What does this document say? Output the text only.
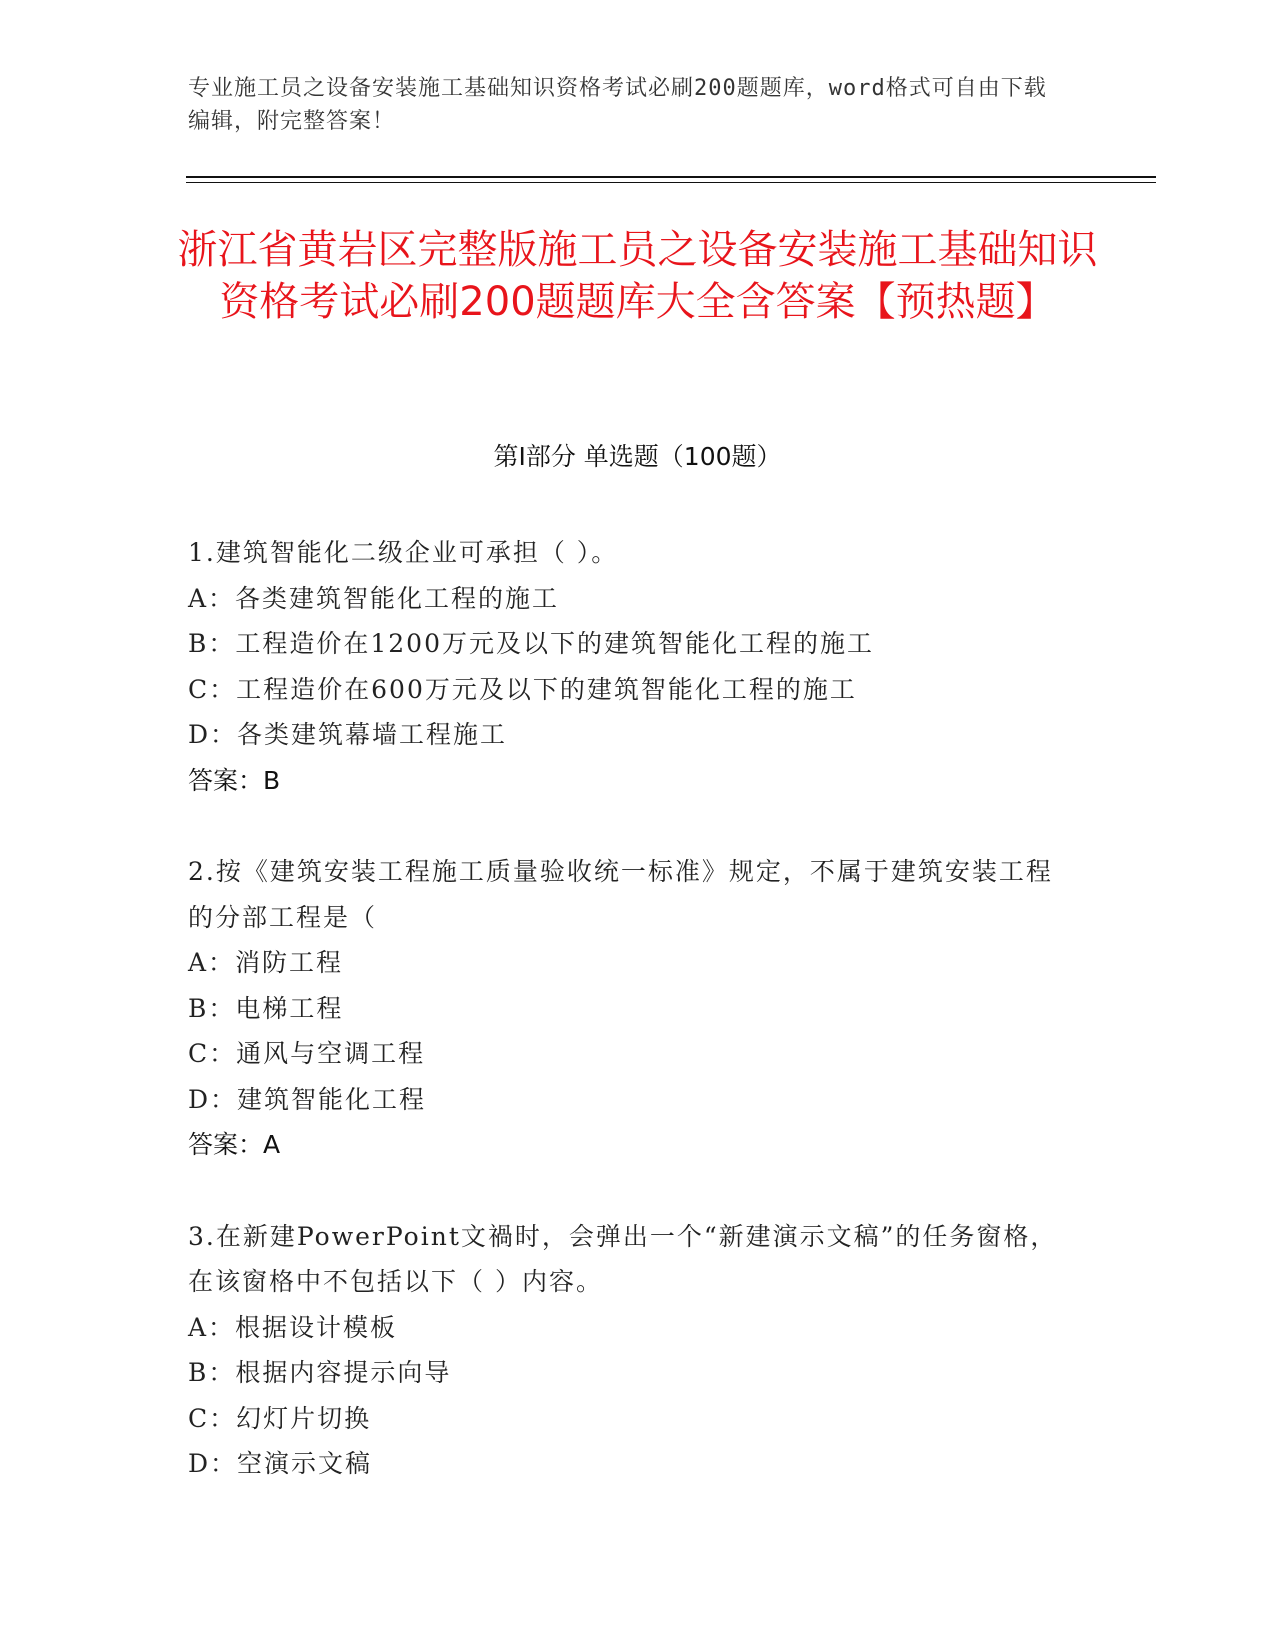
专业施工员之设备安装施工基础知识资格考试必刷200题题库，word格式可自由下载编辑，附完整答案！
浙江省黄岩区完整版施工员之设备安装施工基础知识资格考试必刷200题题库大全含答案【预热题】
第I部分 单选题（100题）
1.建筑智能化二级企业可承担（ ）。
A：各类建筑智能化工程的施工
B：工程造价在1200万元及以下的建筑智能化工程的施工
C：工程造价在600万元及以下的建筑智能化工程的施工
D：各类建筑幕墙工程施工
答案：B
2.按《建筑安装工程施工质量验收统一标准》规定，不属于建筑安装工程的分部工程是（
A：消防工程
B：电梯工程
C：通风与空调工程
D：建筑智能化工程
答案：A
3.在新建PowerPoint文禍时，会弹出一个“新建演示文稿”的任务窗格，在该窗格中不包括以下（ ）内容。
A：根据设计模板
B：根据内容提示向导
C：幻灯片切换
D：空演示文稿
